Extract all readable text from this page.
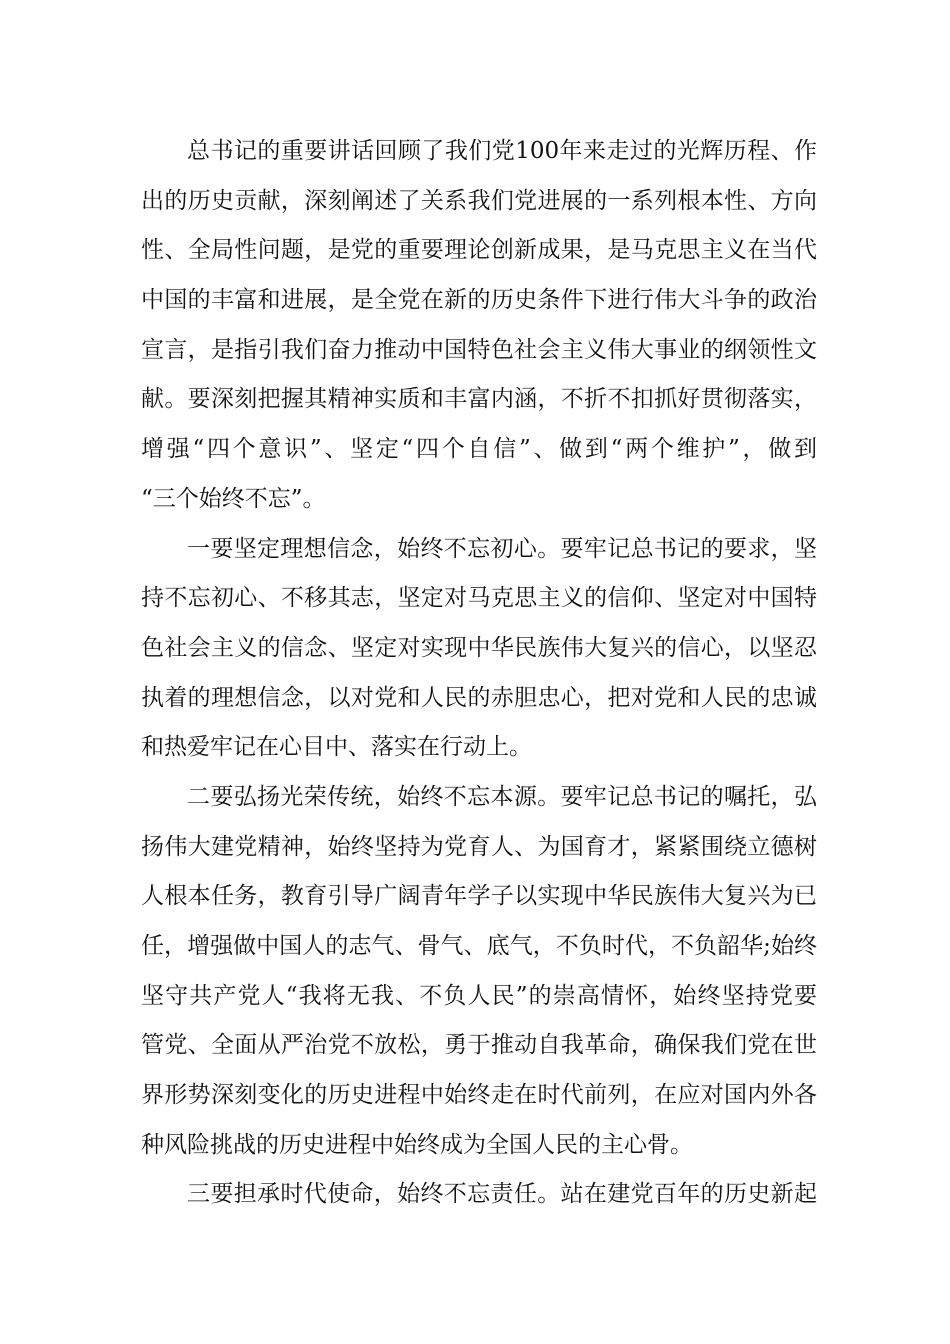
总书记的重要讲话回顾了我们党100年来走过的光辉历程、作
出的历史贡献，深刻阐述了关系我们党进展的一系列根本性、方向
性、全局性问题，是党的重要理论创新成果，是马克思主义在当代
中国的丰富和进展，是全党在新的历史条件下进行伟大斗争的政治
宣言，是指引我们奋力推动中国特色社会主义伟大事业的纲领性文
献。要深刻把握其精神实质和丰富内涵，不折不扣抓好贯彻落实，
增强“四个意识”、坚定“四个自信”、做到“两个维护”，做到
“三个始终不忘”。
一要坚定理想信念，始终不忘初心。要牢记总书记的要求，坚
持不忘初心、不移其志，坚定对马克思主义的信仰、坚定对中国特
色社会主义的信念、坚定对实现中华民族伟大复兴的信心，以坚忍
执着的理想信念，以对党和人民的赤胆忠心，把对党和人民的忠诚
和热爱牢记在心目中、落实在行动上。
二要弘扬光荣传统，始终不忘本源。要牢记总书记的嘱托，弘
扬伟大建党精神，始终坚持为党育人、为国育才，紧紧围绕立德树
人根本任务，教育引导广阔青年学子以实现中华民族伟大复兴为已
任，增强做中国人的志气、骨气、底气，不负时代，不负韶华;始终
坚守共产党人“我将无我、不负人民”的崇高情怀，始终坚持党要
管党、全面从严治党不放松，勇于推动自我革命，确保我们党在世
界形势深刻变化的历史进程中始终走在时代前列，在应对国内外各
种风险挑战的历史进程中始终成为全国人民的主心骨。
三要担承时代使命，始终不忘责任。站在建党百年的历史新起
